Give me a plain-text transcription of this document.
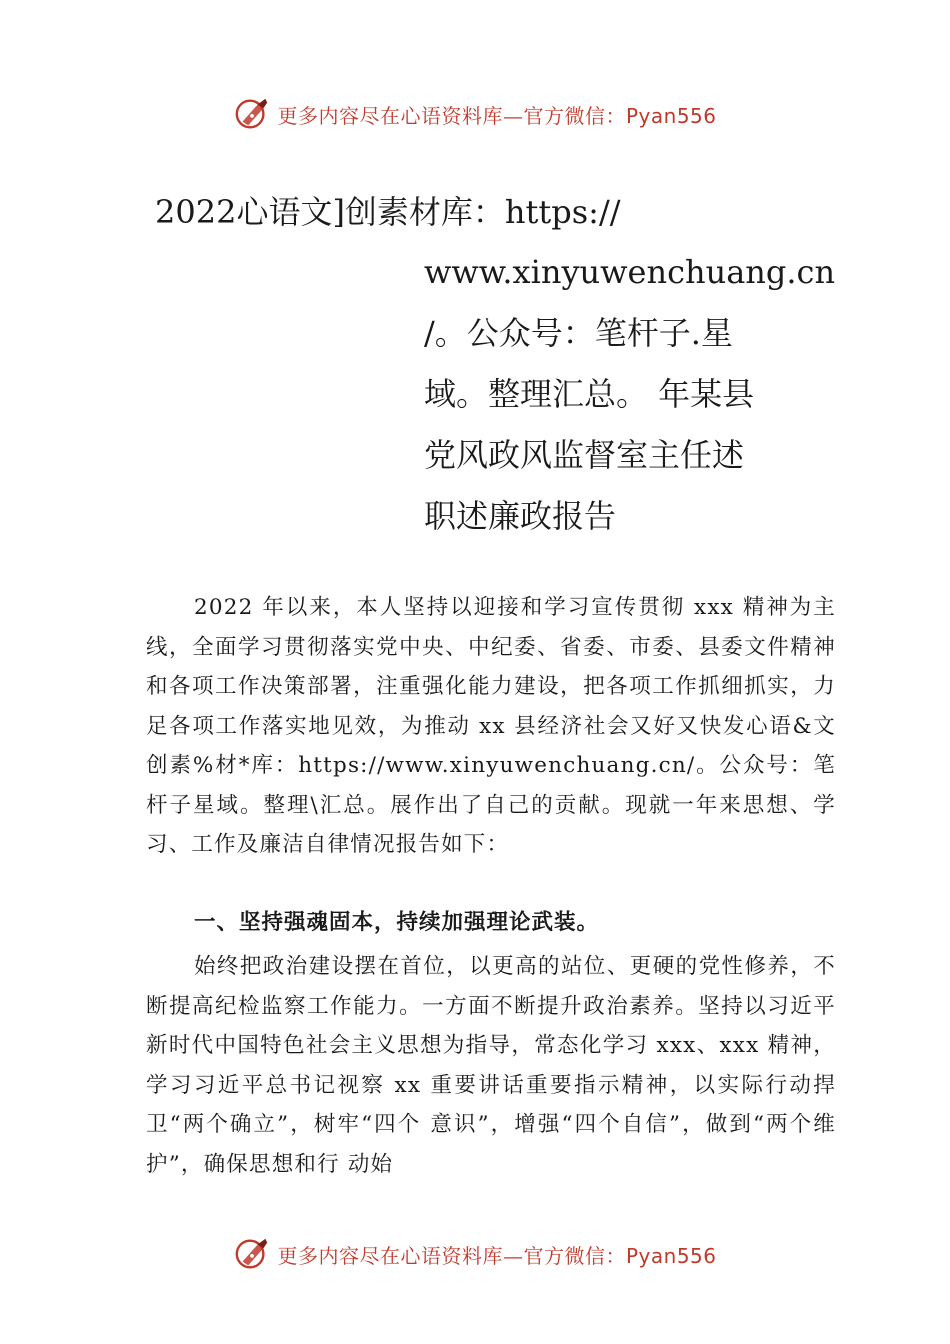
更多内容尽在心语资料库—官方微信：Pyan556
2022心语文]创素材库：https://
www.xinyuwenchuang.cn
/。公众号：笔杆子.星
域。整理汇总。 年某县
党风政风监督室主任述
职述廉政报告
2022 年以来，本人坚持以迎接和学习宣传贯彻 xxx 精神为主线，全面学习贯彻落实党中央、中纪委、省委、市委、县委文件精神和各项工作决策部署，注重强化能力建设，把各项工作抓细抓实，力足各项工作落实地见效，为推动 xx 县经济社会又好又快发心语&文创素%材*库：https://www.xinyuwenchuang.cn/。公众号：笔杆子星域。整理\汇总。展作出了自己的贡献。现就一年来思想、学习、工作及廉洁自律情况报告如下：
一、坚持强魂固本，持续加强理论武装。
始终把政治建设摆在首位，以更高的站位、更硬的党性修养，不断提高纪检监察工作能力。一方面不断提升政治素养。坚持以习近平新时代中国特色社会主义思想为指导，常态化学习 xxx、xxx 精神，学习习近平总书记视察 xx 重要讲话重要指示精神，以实际行动捍卫“两个确立”，树牢“四个 意识”，增强“四个自信”，做到“两个维护”，确保思想和行 动始
更多内容尽在心语资料库—官方微信：Pyan556
